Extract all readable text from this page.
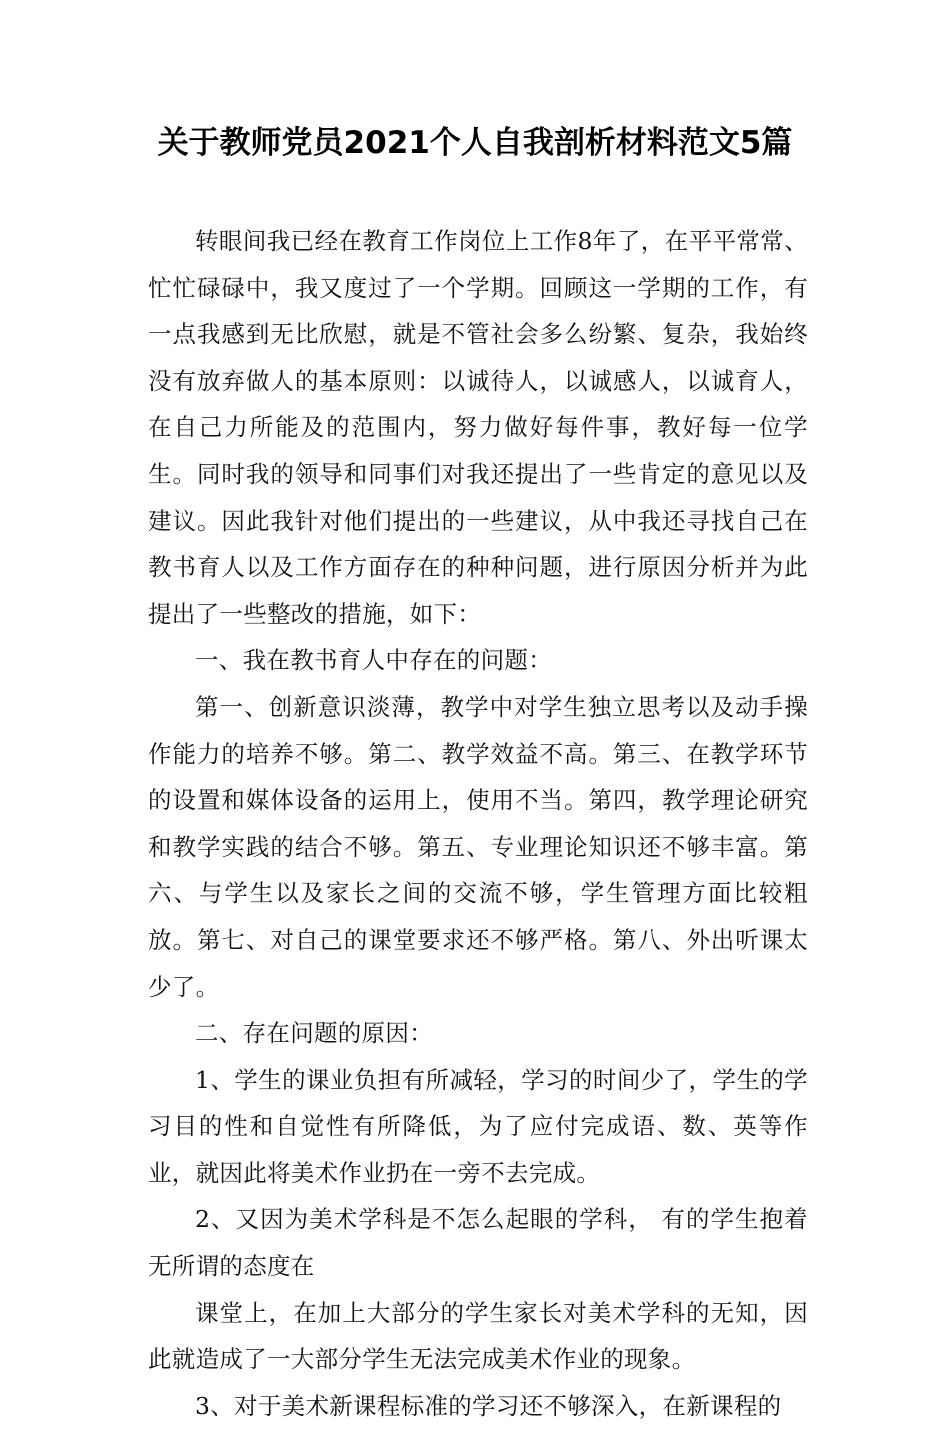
关于教师党员2021个人自我剖析材料范文5篇

转眼间我已经在教育工作岗位上工作8年了，在平平常常、忙忙碌碌中，我又度过了一个学期。回顾这一学期的工作，有一点我感到无比欣慰，就是不管社会多么纷繁、复杂，我始终没有放弃做人的基本原则：以诚待人，以诚感人，以诚育人，在自己力所能及的范围内，努力做好每件事，教好每一位学生。同时我的领导和同事们对我还提出了一些肯定的意见以及建议。因此我针对他们提出的一些建议，从中我还寻找自己在教书育人以及工作方面存在的种种问题，进行原因分析并为此提出了一些整改的措施，如下：

一、我在教书育人中存在的问题：

第一、创新意识淡薄，教学中对学生独立思考以及动手操作能力的培养不够。第二、教学效益不高。第三、在教学环节的设置和媒体设备的运用上，使用不当。第四，教学理论研究和教学实践的结合不够。第五、专业理论知识还不够丰富。第六、与学生以及家长之间的交流不够，学生管理方面比较粗放。第七、对自己的课堂要求还不够严格。第八、外出听课太少了。

二、存在问题的原因：

1、学生的课业负担有所减轻，学习的时间少了，学生的学习目的性和自觉性有所降低，为了应付完成语、数、英等作业，就因此将美术作业扔在一旁不去完成。

2、又因为美术学科是不怎么起眼的学科， 有的学生抱着无所谓的态度在

课堂上，在加上大部分的学生家长对美术学科的无知，因此就造成了一大部分学生无法完成美术作业的现象。

3、对于美术新课程标准的学习还不够深入，在新课程的
